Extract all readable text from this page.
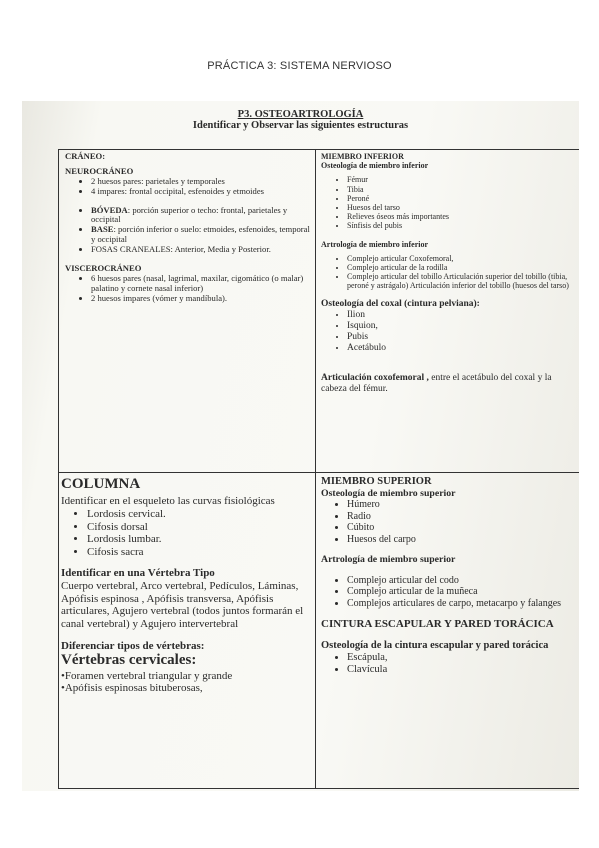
PRÁCTICA 3: SISTEMA NERVIOSO
P3. OSTEOARTROLOGÍA
Identificar y Observar las siguientes estructuras
CRÁNEO:
NEUROCRÁNEO
• 2 huesos pares: parietales y temporales
• 4 impares: frontal occipital, esfenoides y etmoides
• BÓVEDA: porción superior o techo: frontal, parietales y occipital
• BASE: porción inferior o suelo: etmoides, esfenoides, temporal y occipital
• FOSAS CRANEALES: Anterior, Media y Posterior.
VISCEROCRÁNEO
• 6 huesos pares (nasal, lagrimal, maxilar, cigomático (o malar) palatino y cornete nasal inferior)
• 2 huesos impares (vómer y mandíbula).
MIEMBRO INFERIOR
Osteología de miembro inferior
• Fémur
• Tibia
• Peroné
• Huesos del tarso
• Relieves óseos más importantes
• Sínfisis del pubis
Artrología de miembro inferior
• Complejo articular Coxofemoral,
• Complejo articular de la rodilla
• Complejo articular del tobillo Articulación superior del tobillo (tibia, peroné y astrágalo) Articulación inferior del tobillo (huesos del tarso)
Osteología del coxal (cintura pelviana):
• Ilion
• Isquion,
• Pubis
• Acetábulo
Articulación coxofemoral , entre el acetábulo del coxal y la cabeza del fémur.
COLUMNA
Identificar en el esqueleto las curvas fisiológicas
• Lordosis cervical.
• Cifosis dorsal
• Lordosis lumbar.
• Cifosis sacra
Identificar en una Vértebra Tipo
Cuerpo vertebral, Arco vertebral, Pedículos, Láminas, Apófisis espinosa , Apófisis transversa, Apófisis articulares, Agujero vertebral (todos juntos formarán el canal vertebral) y Agujero intervertebral
Diferenciar tipos de vértebras:
Vértebras cervicales:
•Foramen vertebral triangular y grande
•Apófisis espinosas bituberosas,
MIEMBRO SUPERIOR
Osteología de miembro superior
• Húmero
• Radio
• Cúbito
• Huesos del carpo
Artrología de miembro superior
• Complejo articular del codo
• Complejo articular de la muñeca
• Complejos articulares de carpo, metacarpo y falanges
CINTURA ESCAPULAR Y PARED TORÁCICA
Osteología de la cintura escapular y pared torácica
• Escápula,
• Clavícula
